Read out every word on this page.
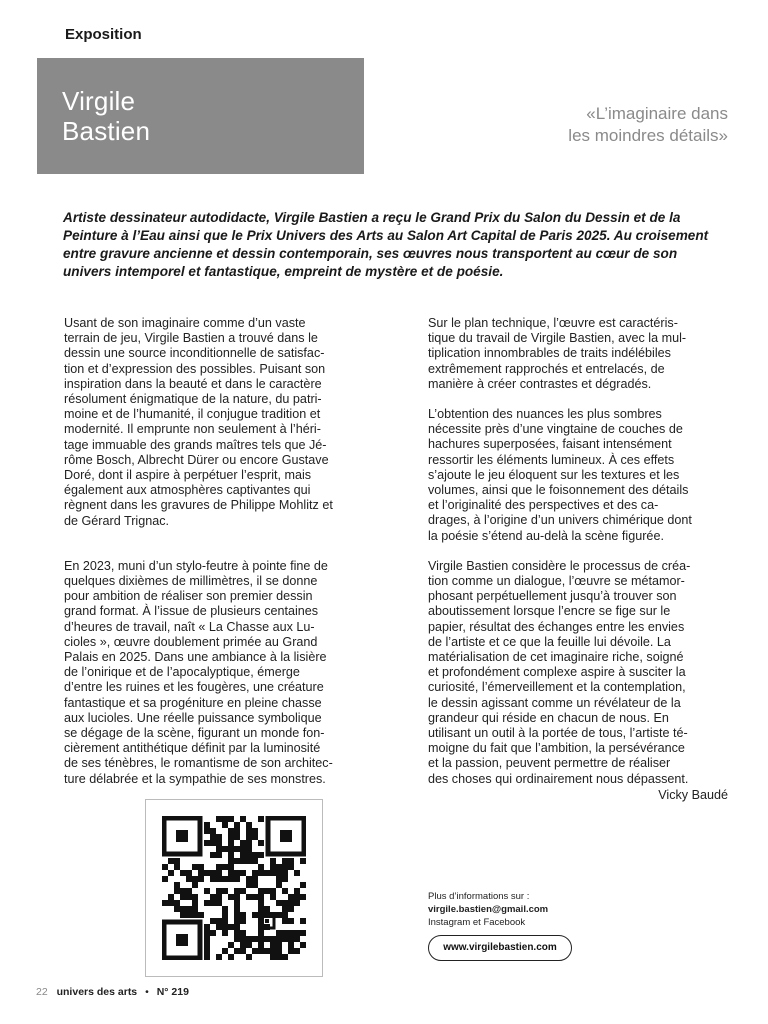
Exposition
Virgile
Bastien
«L’imaginaire dans
les moindres détails»
Artiste dessinateur autodidacte, Virgile Bastien a reçu le Grand Prix du Salon du Dessin et de la Peinture à l’Eau ainsi que le Prix Univers des Arts au Salon Art Capital de Paris 2025. Au croisement entre gravure ancienne et dessin contemporain, ses œuvres nous transportent au cœur de son univers intemporel et fantastique, empreint de mystère et de poésie.

Usant de son imaginaire comme d’un vaste
terrain de jeu, Virgile Bastien a trouvé dans le
dessin une source inconditionnelle de satisfac-
tion et d’expression des possibles. Puisant son
inspiration dans la beauté et dans le caractère
résolument énigmatique de la nature, du patri-
moine et de l’humanité, il conjugue tradition et
modernité. Il emprunte non seulement à l’héri-
tage immuable des grands maîtres tels que Jé-
rôme Bosch, Albrecht Dürer ou encore Gustave
Doré, dont il aspire à perpétuer l’esprit, mais
également aux atmosphères captivantes qui
règnent dans les gravures de Philippe Mohlitz et
de Gérard Trignac.

En 2023, muni d’un stylo-feutre à pointe fine de
quelques dixièmes de millimètres, il se donne
pour ambition de réaliser son premier dessin
grand format. À l’issue de plusieurs centaines
d’heures de travail, naît « La Chasse aux Lu-
cioles », œuvre doublement primée au Grand
Palais en 2025. Dans une ambiance à la lisière
de l’onirique et de l’apocalyptique, émerge
d’entre les ruines et les fougères, une créature
fantastique et sa progéniture en pleine chasse
aux lucioles. Une réelle puissance symbolique
se dégage de la scène, figurant un monde fon-
cièrement antithétique définit par la luminosité
de ses ténèbres, le romantisme de son architec-
ture délabrée et la sympathie de ses monstres.

Sur le plan technique, l’œuvre est caractéris-
tique du travail de Virgile Bastien, avec la mul-
tiplication innombrables de traits indélébiles
extrêmement rapprochés et entrelacés, de
manière à créer contrastes et dégradés.

L’obtention des nuances les plus sombres
nécessite près d’une vingtaine de couches de
hachures superposées, faisant intensément
ressortir les éléments lumineux. À ces effets
s’ajoute le jeu éloquent sur les textures et les
volumes, ainsi que le foisonnement des détails
et l’originalité des perspectives et des ca-
drages, à l’origine d’un univers chimérique dont
la poésie s’étend au-delà la scène figurée.

Virgile Bastien considère le processus de créa-
tion comme un dialogue, l’œuvre se métamor-
phosant perpétuellement jusqu’à trouver son
aboutissement lorsque l’encre se fige sur le
papier, résultat des échanges entre les envies
de l’artiste et ce que la feuille lui dévoile. La
matérialisation de cet imaginaire riche, soigné
et profondément complexe aspire à susciter la
curiosité, l’émerveillement et la contemplation,
le dessin agissant comme un révélateur de la
grandeur qui réside en chacun de nous. En
utilisant un outil à la portée de tous, l’artiste té-
moigne du fait que l’ambition, la persévérance
et la passion, peuvent permettre de réaliser
des choses qui ordinairement nous dépassent.

Vicky Baudé
Plus d’informations sur :
virgile.bastien@gmail.com
Instagram et Facebook
www.virgilebastien.com
22 univers des arts • N° 219
